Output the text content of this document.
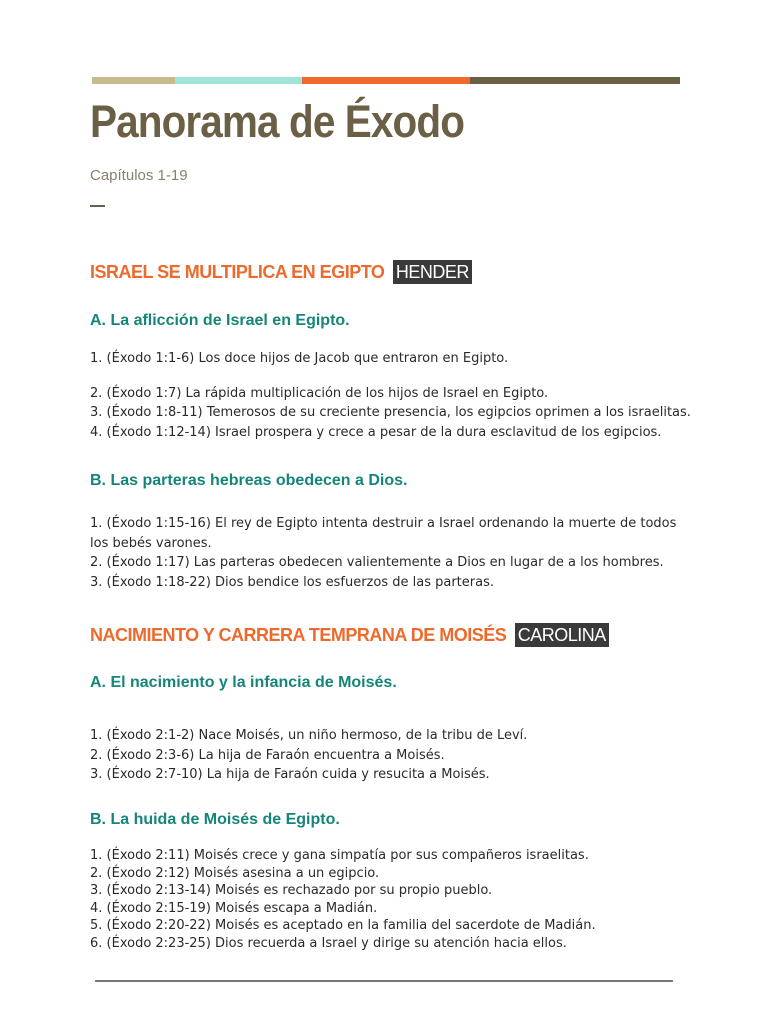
Panorama de Éxodo
Capítulos 1-19
ISRAEL SE MULTIPLICA EN EGIPTO HENDER
A. La aflicción de Israel en Egipto.
1. (Éxodo 1:1-6) Los doce hijos de Jacob que entraron en Egipto.
2. (Éxodo 1:7) La rápida multiplicación de los hijos de Israel en Egipto.
3. (Éxodo 1:8-11) Temerosos de su creciente presencia, los egipcios oprimen a los israelitas.
4. (Éxodo 1:12-14) Israel prospera y crece a pesar de la dura esclavitud de los egipcios.
B. Las parteras hebreas obedecen a Dios.
1. (Éxodo 1:15-16) El rey de Egipto intenta destruir a Israel ordenando la muerte de todos los bebés varones.
2. (Éxodo 1:17) Las parteras obedecen valientemente a Dios en lugar de a los hombres.
3. (Éxodo 1:18-22) Dios bendice los esfuerzos de las parteras.
NACIMIENTO Y CARRERA TEMPRANA DE MOISÉS CAROLINA
A. El nacimiento y la infancia de Moisés.
1. (Éxodo 2:1-2) Nace Moisés, un niño hermoso, de la tribu de Leví.
2. (Éxodo 2:3-6) La hija de Faraón encuentra a Moisés.
3. (Éxodo 2:7-10) La hija de Faraón cuida y resucita a Moisés.
B. La huida de Moisés de Egipto.
1. (Éxodo 2:11) Moisés crece y gana simpatía por sus compañeros israelitas.
2. (Éxodo 2:12) Moisés asesina a un egipcio.
3. (Éxodo 2:13-14) Moisés es rechazado por su propio pueblo.
4. (Éxodo 2:15-19) Moisés escapa a Madián.
5. (Éxodo 2:20-22) Moisés es aceptado en la familia del sacerdote de Madián.
6. (Éxodo 2:23-25) Dios recuerda a Israel y dirige su atención hacia ellos.
